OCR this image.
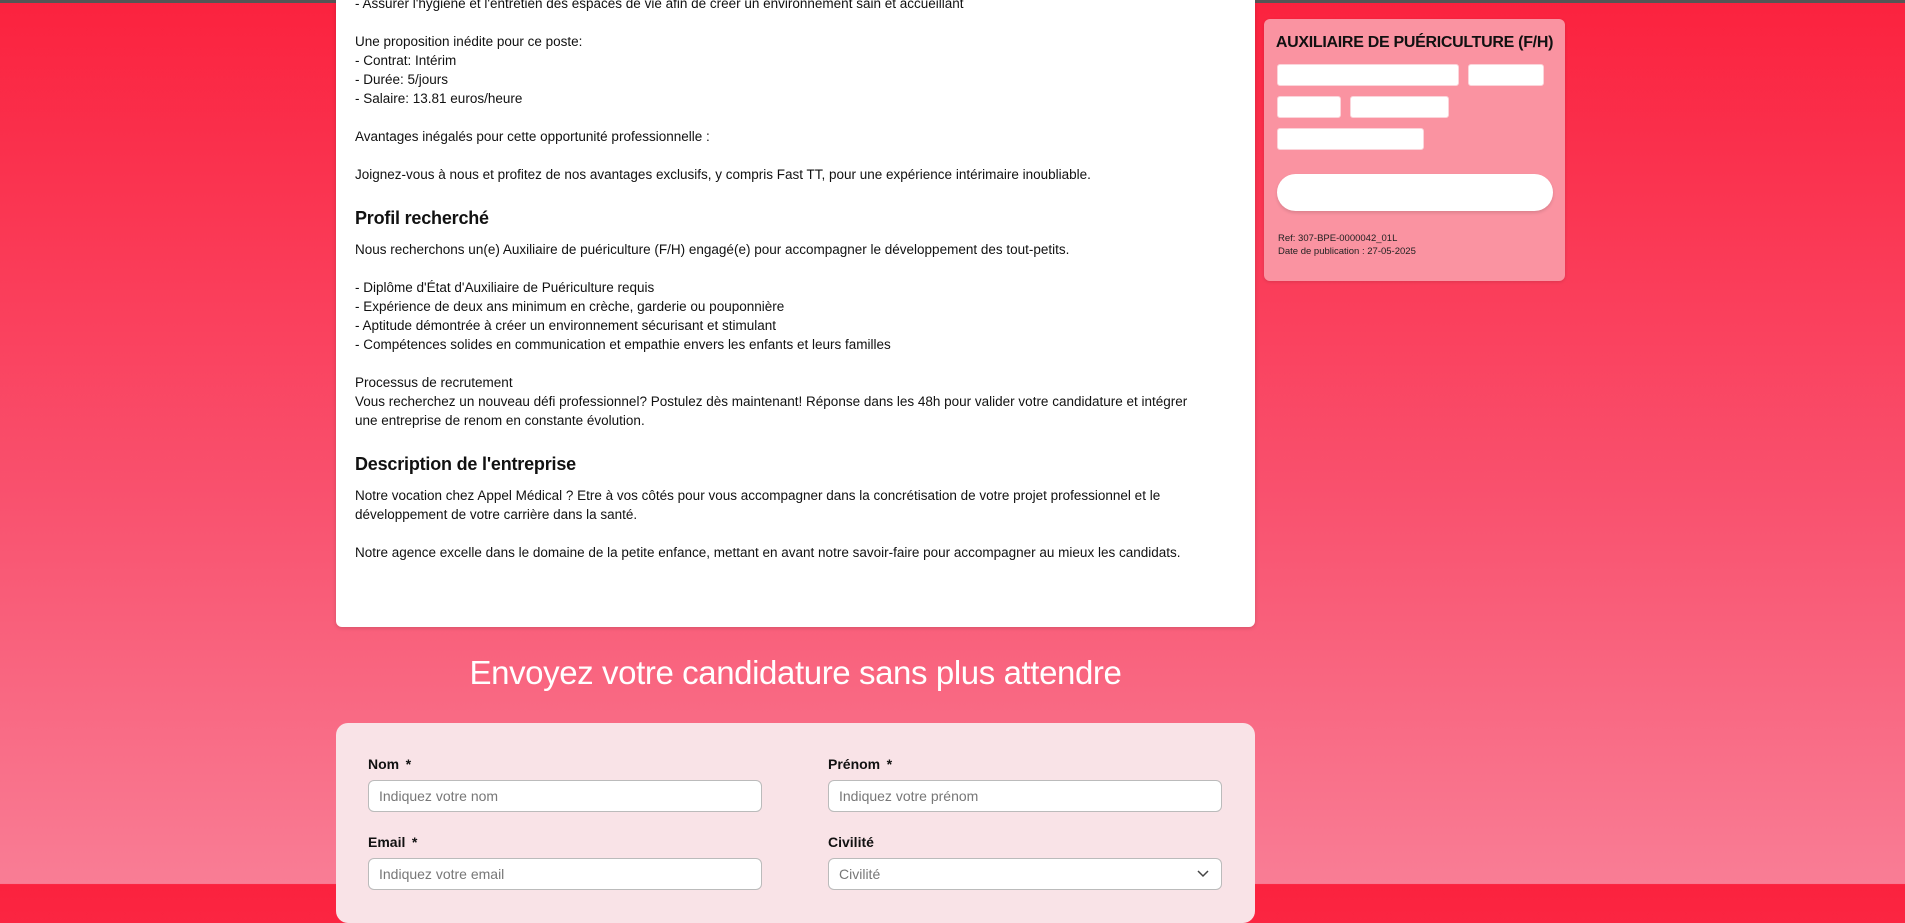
- Assurer l'hygiène et l'entretien des espaces de vie afin de créer un environnement sain et accueillant
Une proposition inédite pour ce poste:
- Contrat: Intérim
- Durée: 5/jours
- Salaire: 13.81 euros/heure
Avantages inégalés pour cette opportunité professionnelle :
Joignez-vous à nous et profitez de nos avantages exclusifs, y compris Fast TT, pour une expérience intérimaire inoubliable.
Profil recherché
Nous recherchons un(e) Auxiliaire de puériculture (F/H) engagé(e) pour accompagner le développement des tout-petits.
- Diplôme d'État d'Auxiliaire de Puériculture requis
- Expérience de deux ans minimum en crèche, garderie ou pouponnière
- Aptitude démontrée à créer un environnement sécurisant et stimulant
- Compétences solides en communication et empathie envers les enfants et leurs familles
Processus de recrutement
Vous recherchez un nouveau défi professionnel? Postulez dès maintenant! Réponse dans les 48h pour valider votre candidature et intégrer
une entreprise de renom en constante évolution.
Description de l'entreprise
Notre vocation chez Appel Médical ? Etre à vos côtés pour vous accompagner dans la concrétisation de votre projet professionnel et le
développement de votre carrière dans la santé.
Notre agence excelle dans le domaine de la petite enfance, mettant en avant notre savoir-faire pour accompagner au mieux les candidats.
AUXILIAIRE DE PUÉRICULTURE (F/H)
Ref: 307-BPE-0000042_01L
Date de publication : 27-05-2025
Envoyez votre candidature sans plus attendre
Nom *
Indiquez votre nom	Prénom *
Indiquez votre prénom
Email *
Indiquez votre email	Civilité
Civilité
